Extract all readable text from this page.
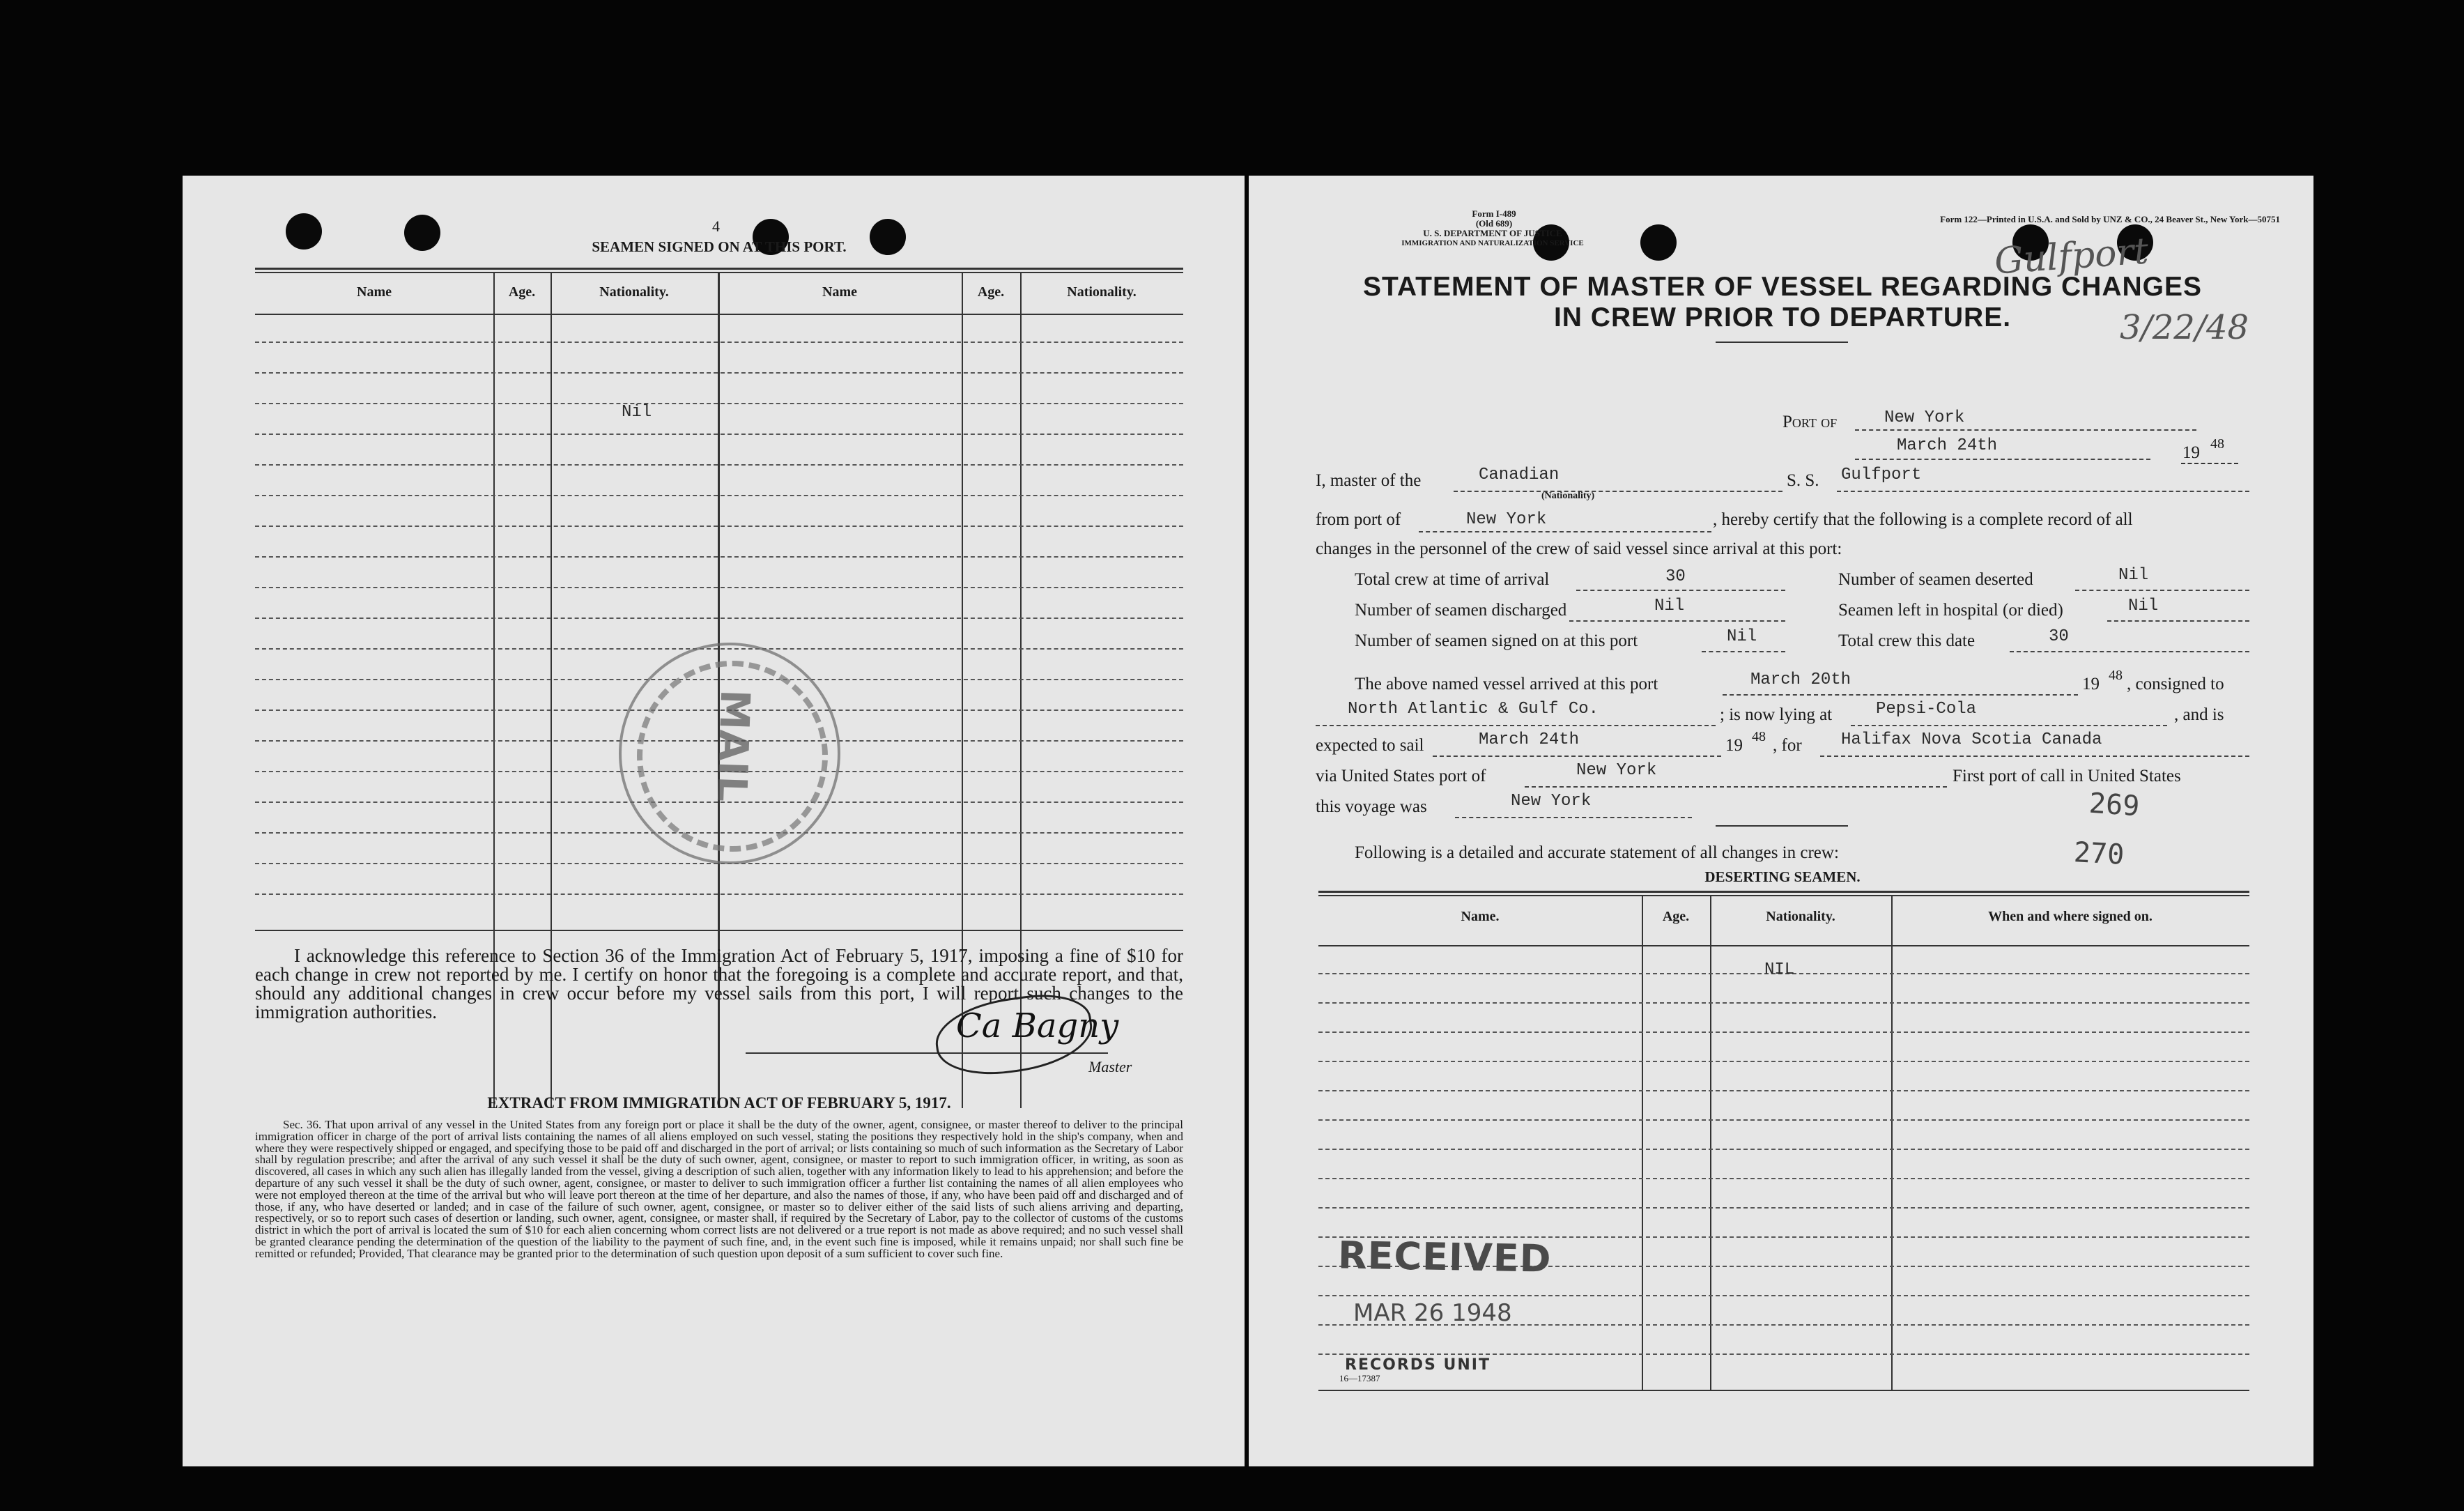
4
SEAMEN SIGNED ON AT THIS PORT.
Name	Age.	Nationality.	Name	Age.	Nationality.
Nil
MAIL
I acknowledge this reference to Section 36 of the Immigration Act of February 5, 1917, imposing a fine of $10 for each change in crew not reported by me. I certify on honor that the foregoing is a complete and accurate report, and that, should any additional changes in crew occur before my vessel sails from this port, I will report such changes to the immigration authorities.	Ca Bagny
Master
EXTRACT FROM IMMIGRATION ACT OF FEBRUARY 5, 1917.
Sec. 36. That upon arrival of any vessel in the United States from any foreign port or place it shall be the duty of the owner, agent, consignee, or master thereof to deliver to the principal immigration officer in charge of the port of arrival lists containing the names of all aliens employed on such vessel, stating the positions they respectively hold in the ship's company, when and where they were respectively shipped or engaged, and specifying those to be paid off and discharged in the port of arrival; or lists containing so much of such information as the Secretary of Labor shall by regulation prescribe; and after the arrival of any such vessel it shall be the duty of such owner, agent, consignee, or master to report to such immigration officer, in writing, as soon as discovered, all cases in which any such alien has illegally landed from the vessel, giving a description of such alien, together with any information likely to lead to his apprehension; and before the departure of any such vessel it shall be the duty of such owner, agent, consignee, or master to deliver to such immigration officer a further list containing the names of all alien employees who were not employed thereon at the time of the arrival but who will leave port thereon at the time of her departure, and also the names of those, if any, who have been paid off and discharged and of those, if any, who have deserted or landed; and in case of the failure of such owner, agent, consignee, or master so to deliver either of the said lists of such aliens arriving and departing, respectively, or so to report such cases of desertion or landing, such owner, agent, consignee, or master shall, if required by the Secretary of Labor, pay to the collector of customs of the customs district in which the port of arrival is located the sum of $10 for each alien concerning whom correct lists are not delivered or a true report is not made as above required; and no such vessel shall be granted clearance pending the determination of the question of the liability to the payment of such fine, and, in the event such fine is imposed, while it remains unpaid; nor shall such fine be remitted or refunded; Provided, That clearance may be granted prior to the determination of such question upon deposit of a sum sufficient to cover such fine.
Form I-489
(Old 689)
U. S. DEPARTMENT OF JUSTICE
IMMIGRATION AND NATURALIZATION SERVICE
Form 122—Printed in U.S.A. and Sold by UNZ & CO., 24 Beaver St., New York—50751
Gulfport
3/22/48
STATEMENT OF MASTER OF VESSEL REGARDING CHANGES
IN CREW PRIOR TO DEPARTURE.
Port of	New York
March 24th	19 48
I, master of the	Canadian
(Nationality)
S. S. Gulfport
from port of	New York	, hereby certify that the following is a complete record of all
changes in the personnel of the crew of said vessel since arrival at this port:
Total crew at time of arrival	30	Number of seamen deserted	Nil
Number of seamen discharged	Nil	Seamen left in hospital (or died)	Nil
Number of seamen signed on at this port	Nil	Total crew this date	30
The above named vessel arrived at this port	March 20th	19 48 , consigned to
North Atlantic & Gulf Co.	; is now lying at	Pepsi-Cola	, and is
expected to sail	March 24th	19 48 , for Halifax Nova Scotia Canada
via United States port of	New York	First port of call in United States
this voyage was	New York	269
270
Following is a detailed and accurate statement of all changes in crew:
DESERTING SEAMEN.
Name.	Age.	Nationality.	When and where signed on.
NIL
RECEIVED
MAR 26 1948
RECORDS UNIT
16—17387
